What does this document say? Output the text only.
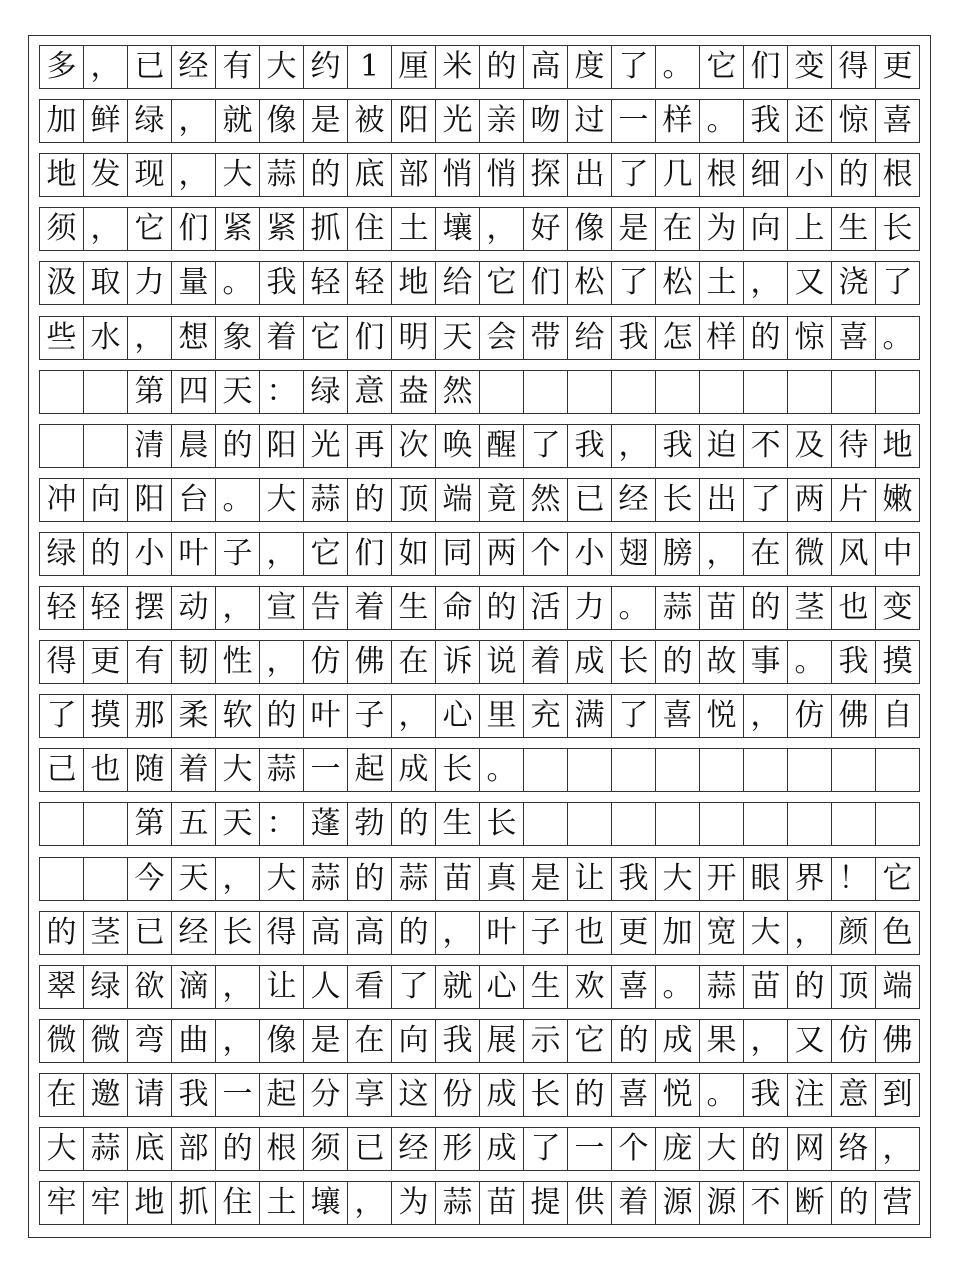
多 ， 已 经 有 大 约 1 厘 米 的 高 度 了 。 它 们 变 得 更
加 鲜 绿 ， 就 像 是 被 阳 光 亲 吻 过 一 样 。 我 还 惊 喜
地 发 现 ， 大 蒜 的 底 部 悄 悄 探 出 了 几 根 细 小 的 根
须 ， 它 们 紧 紧 抓 住 土 壤 ， 好 像 是 在 为 向 上 生 长
汲 取 力 量 。 我 轻 轻 地 给 它 们 松 了 松 土 ， 又 浇 了
些 水 ， 想 象 着 它 们 明 天 会 带 给 我 怎 样 的 惊 喜 。
第 四 天 ： 绿 意 盎 然
清 晨 的 阳 光 再 次 唤 醒 了 我 ， 我 迫 不 及 待 地
冲 向 阳 台 。 大 蒜 的 顶 端 竟 然 已 经 长 出 了 两 片 嫩
绿 的 小 叶 子 ， 它 们 如 同 两 个 小 翅 膀 ， 在 微 风 中
轻 轻 摆 动 ， 宣 告 着 生 命 的 活 力 。 蒜 苗 的 茎 也 变
得 更 有 韧 性 ， 仿 佛 在 诉 说 着 成 长 的 故 事 。 我 摸
了 摸 那 柔 软 的 叶 子 ， 心 里 充 满 了 喜 悦 ， 仿 佛 自
己 也 随 着 大 蒜 一 起 成 长 。
第 五 天 ： 蓬 勃 的 生 长
今 天 ， 大 蒜 的 蒜 苗 真 是 让 我 大 开 眼 界 ！ 它
的 茎 已 经 长 得 高 高 的 ， 叶 子 也 更 加 宽 大 ， 颜 色
翠 绿 欲 滴 ， 让 人 看 了 就 心 生 欢 喜 。 蒜 苗 的 顶 端
微 微 弯 曲 ， 像 是 在 向 我 展 示 它 的 成 果 ， 又 仿 佛
在 邀 请 我 一 起 分 享 这 份 成 长 的 喜 悦 。 我 注 意 到
大 蒜 底 部 的 根 须 已 经 形 成 了 一 个 庞 大 的 网 络 ，
牢 牢 地 抓 住 土 壤 ， 为 蒜 苗 提 供 着 源 源 不 断 的 营
